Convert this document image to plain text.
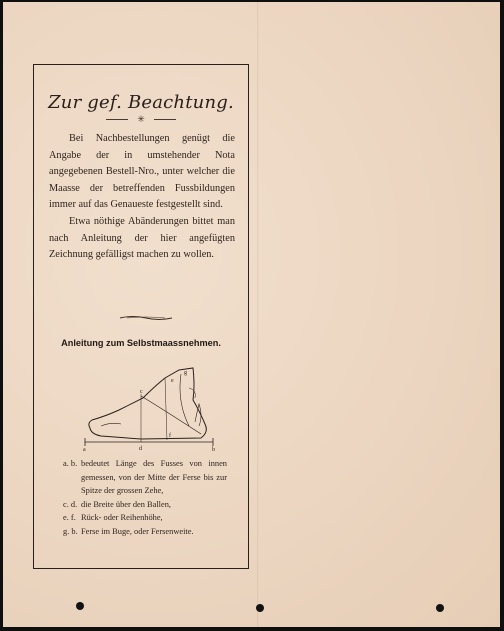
Zur gef. Beachtung.
✳

Bei Nachbestellungen genügt die Angabe der in umstehender Nota angegebenen Bestell-Nro., unter welcher die Maasse der betreffenden Fussbildungen immer auf das Genaueste festgestellt sind.

Etwa nöthige Abänderungen bittet man nach Anleitung der hier angefügten Zeichnung gefälligst machen zu wollen.

Anleitung zum Selbstmaassnehmen.
a	b
c
d
e
f
g
a. b. bedeutet Länge des Fusses von innen gemessen, von der Mitte der Ferse bis zur Spitze der grossen Zehe,
c. d. die Breite über den Ballen,
e. f. Rück- oder Reihenhöhe,
g. b. Ferse im Buge, oder Fersenweite.
